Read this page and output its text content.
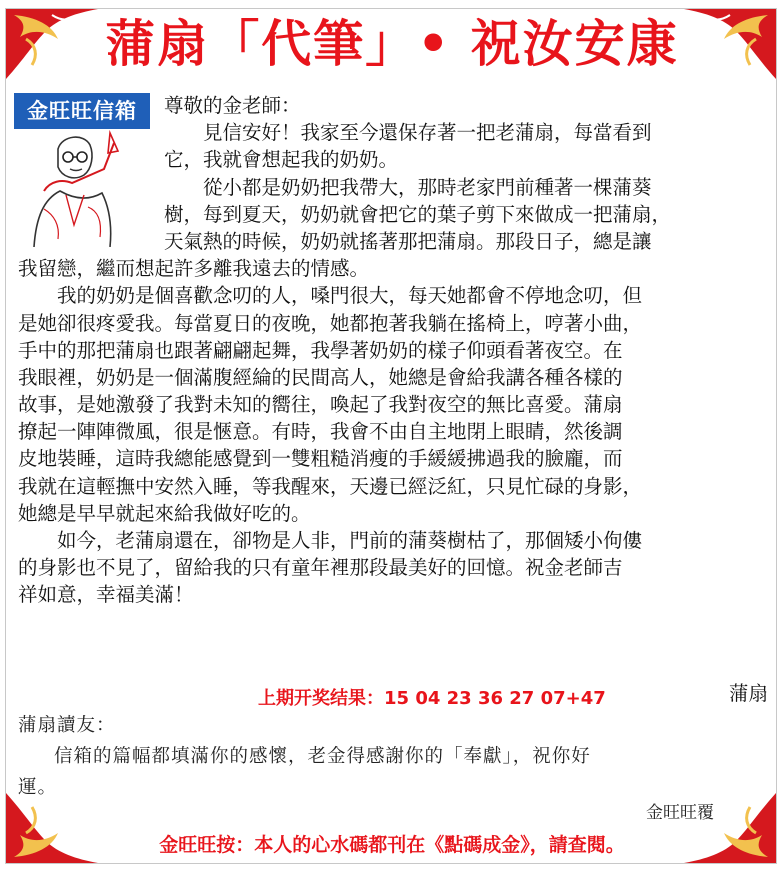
蒲扇「代筆」• 祝汝安康
金旺旺信箱	尊敬的金老師：
　　見信安好！我家至今還保存著一把老蒲扇，每當看到
它，我就會想起我的奶奶。
　　從小都是奶奶把我帶大，那時老家門前種著一棵蒲葵
樹，每到夏天，奶奶就會把它的葉子剪下來做成一把蒲扇，
天氣熱的時候，奶奶就搖著那把蒲扇。那段日子，總是讓
我留戀，繼而想起許多離我遠去的情感。
　　我的奶奶是個喜歡念叨的人，嗓門很大，每天她都會不停地念叨，但
是她卻很疼愛我。每當夏日的夜晚，她都抱著我躺在搖椅上，哼著小曲，
手中的那把蒲扇也跟著翩翩起舞，我學著奶奶的樣子仰頭看著夜空。在
我眼裡，奶奶是一個滿腹經綸的民間高人，她總是會給我講各種各樣的
故事，是她激發了我對未知的嚮往，喚起了我對夜空的無比喜愛。蒲扇
撩起一陣陣微風，很是愜意。有時，我會不由自主地閉上眼睛，然後調
皮地裝睡，這時我總能感覺到一雙粗糙消瘦的手緩緩拂過我的臉龐，而
我就在這輕撫中安然入睡，等我醒來，天邊已經泛紅，只見忙碌的身影，
她總是早早就起來給我做好吃的。
　　如今，老蒲扇還在，卻物是人非，門前的蒲葵樹枯了，那個矮小佝僂
的身影也不見了，留給我的只有童年裡那段最美好的回憶。祝金老師吉
祥如意，幸福美滿！
蒲扇
上期开奖结果：15 04 23 36 27 07+47
蒲扇讀友：
信箱的篇幅都填滿你的感懷，老金得感謝你的「奉獻」，祝你好
運。
金旺旺覆
金旺旺按：本人的心水碼都刊在《點碼成金》，請查閱。
